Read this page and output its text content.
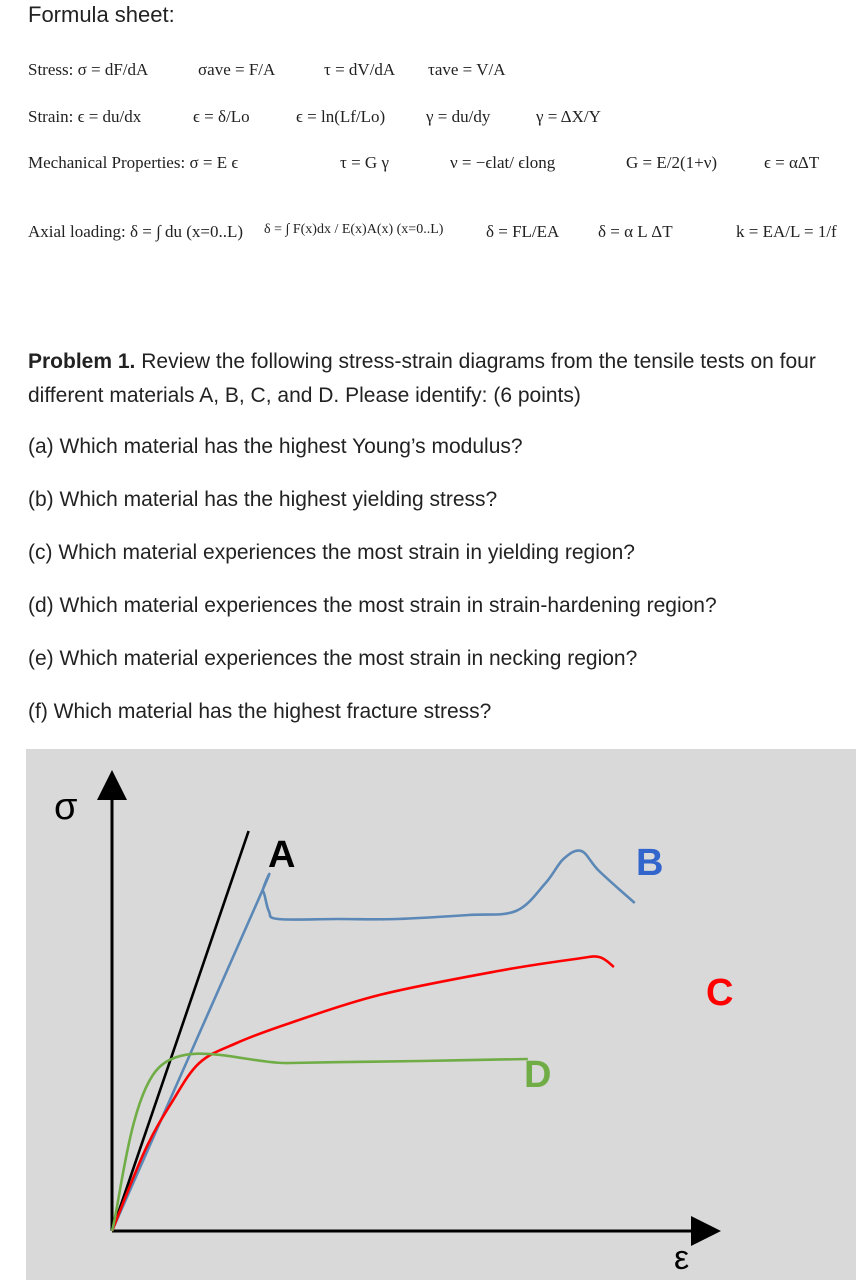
Formula sheet:
Stress: σ = dF/dA	σave = F/A	τ = dV/dA τave = V/A
Strain: ϵ = du/dx	ϵ = δ/Lo	ϵ = ln(Lf/Lo) γ = du/dy	γ = ΔX/Y
Mechanical Properties: σ = E ϵ	τ = G γ	ν = −ϵlat/ ϵlong	G = E/2(1+ν)	ϵ = αΔT
Axial loading: δ = ∫ du (x=0..L) δ = ∫ F(x)dx / E(x)A(x) (x=0..L)	δ = FL/EA δ = α L ΔT	k = EA/L = 1/f
Problem 1. Review the following stress-strain diagrams from the tensile tests on four different materials A, B, C, and D. Please identify: (6 points)
(a) Which material has the highest Young’s modulus?
(b) Which material has the highest yielding stress?
(c) Which material experiences the most strain in yielding region?
(d) Which material experiences the most strain in strain-hardening region?
(e) Which material experiences the most strain in necking region?
(f) Which material has the highest fracture stress?
σ
ε
A	B
C
D
